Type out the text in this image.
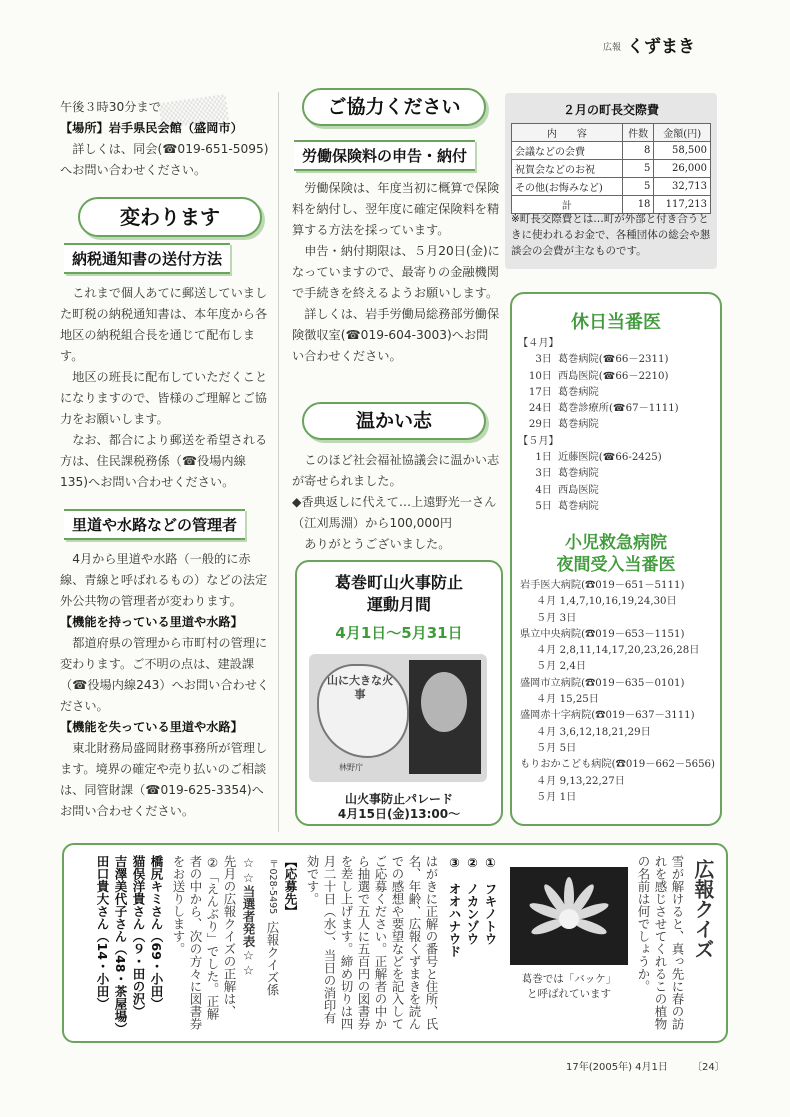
▒▒▒▒
広報 くずまき

午後３時30分まで

【場所】岩手県民会館（盛岡市）

詳しくは、同会(☎019-651-5095)へお問い合わせください。

変わります
納税通知書の送付方法

これまで個人あてに郵送していました町税の納税通知書は、本年度から各地区の納税組合長を通じて配布します。

地区の班長に配布していただくことになりますので、皆様のご理解とご協力をお願いします。

なお、都合により郵送を希望される方は、住民課税務係（☎役場内線135)へお問い合わせください。

里道や水路などの管理者

4月から里道や水路（一般的に赤線、青線と呼ばれるもの）などの法定外公共物の管理者が変わります。

【機能を持っている里道や水路】

都道府県の管理から市町村の管理に変わります。ご不明の点は、建設課（☎役場内線243）へお問い合わせください。

【機能を失っている里道や水路】

東北財務局盛岡財務事務所が管理します。境界の確定や売り払いのご相談は、同管財課（☎019-625-3354)へお問い合わせください。

ご協力ください
労働保険料の申告・納付

労働保険は、年度当初に概算で保険料を納付し、翌年度に確定保険料を精算する方法を採っています。

申告・納付期限は、５月20日(金)になっていますので、最寄りの金融機関で手続きを終えるようお願いします。

詳しくは、岩手労働局総務部労働保険徴収室(☎019-604-3003)へお問い合わせください。

温かい志

このほど社会福祉協議会に温かい志が寄せられました。

◆香典返しに代えて…上遠野光一さん（江刈馬淵）から100,000円

ありがとうございました。

葛巻町山火事防止
運動月間
4月1日〜5月31日
山に大きな火事
林野庁
山火事防止パレード
4月15日(金)13:00〜
２月の町長交際費
内　　容	件数	金額(円)
会議などの会費	8	58,500
祝賀会などのお祝	5	26,000
その他(お悔みなど)	5	32,713
計	18	117,213
※町長交際費とは…町が外部と付き合うときに使われるお金で、各種団体の総会や懇談会の会費が主なものです。
休日当番医
【４月】
3日 葛巻病院(☎66－2311)
10日 西島医院(☎66－2210)
17日 葛巻病院
24日 葛巻診療所(☎67－1111)
29日 葛巻病院
【５月】
1日 近藤医院(☎66-2425)
3日 葛巻病院
4日 西島医院
5日 葛巻病院
小児救急病院
夜間受入当番医
岩手医大病院(☎019－651－5111)
４月 1,4,7,10,16,19,24,30日
５月 3日
県立中央病院(☎019－653－1151)
４月 2,8,11,14,17,20,23,26,28日
５月 2,4日
盛岡市立病院(☎019－635－0101)
４月 15,25日
盛岡赤十字病院(☎019－637－3111)
４月 3,6,12,18,21,29日
５月 5日
もりおかこども病院(☎019－662－5656)
４月 9,13,22,27日
５月 1日
広報クイズ
雪が解けると、真っ先に春の訪れを感じさせてくれるこの植物の名前は何でしょうか。
葛巻では「バッケ」
と呼ばれています
①　フキノトウ
②　ノカンゾウ
③　オオハナウド
はがきに正解の番号と住所、氏名、年齢、広報くずまきを読んでの感想や要望などを記入してご応募ください。正解者の中から抽選で五人に五百円の図書券を差し上げます。締め切りは四月二十日（水）、当日の消印有効です。
【応募先】
〒028-5495
広報クイズ係
☆☆当選者発表☆☆
先月の広報クイズの正解は、②「えんぶり」でした。正解者の中から、次の方々に図書券をお送りします。
橋尻キミさん（69・小田）
猫俣洋貴さん（９・田の沢）
吉澤美代子さん（48・茶屋場）
田口貴大さん（14・小田）
17年(2005年) 4月1日 〔24〕
